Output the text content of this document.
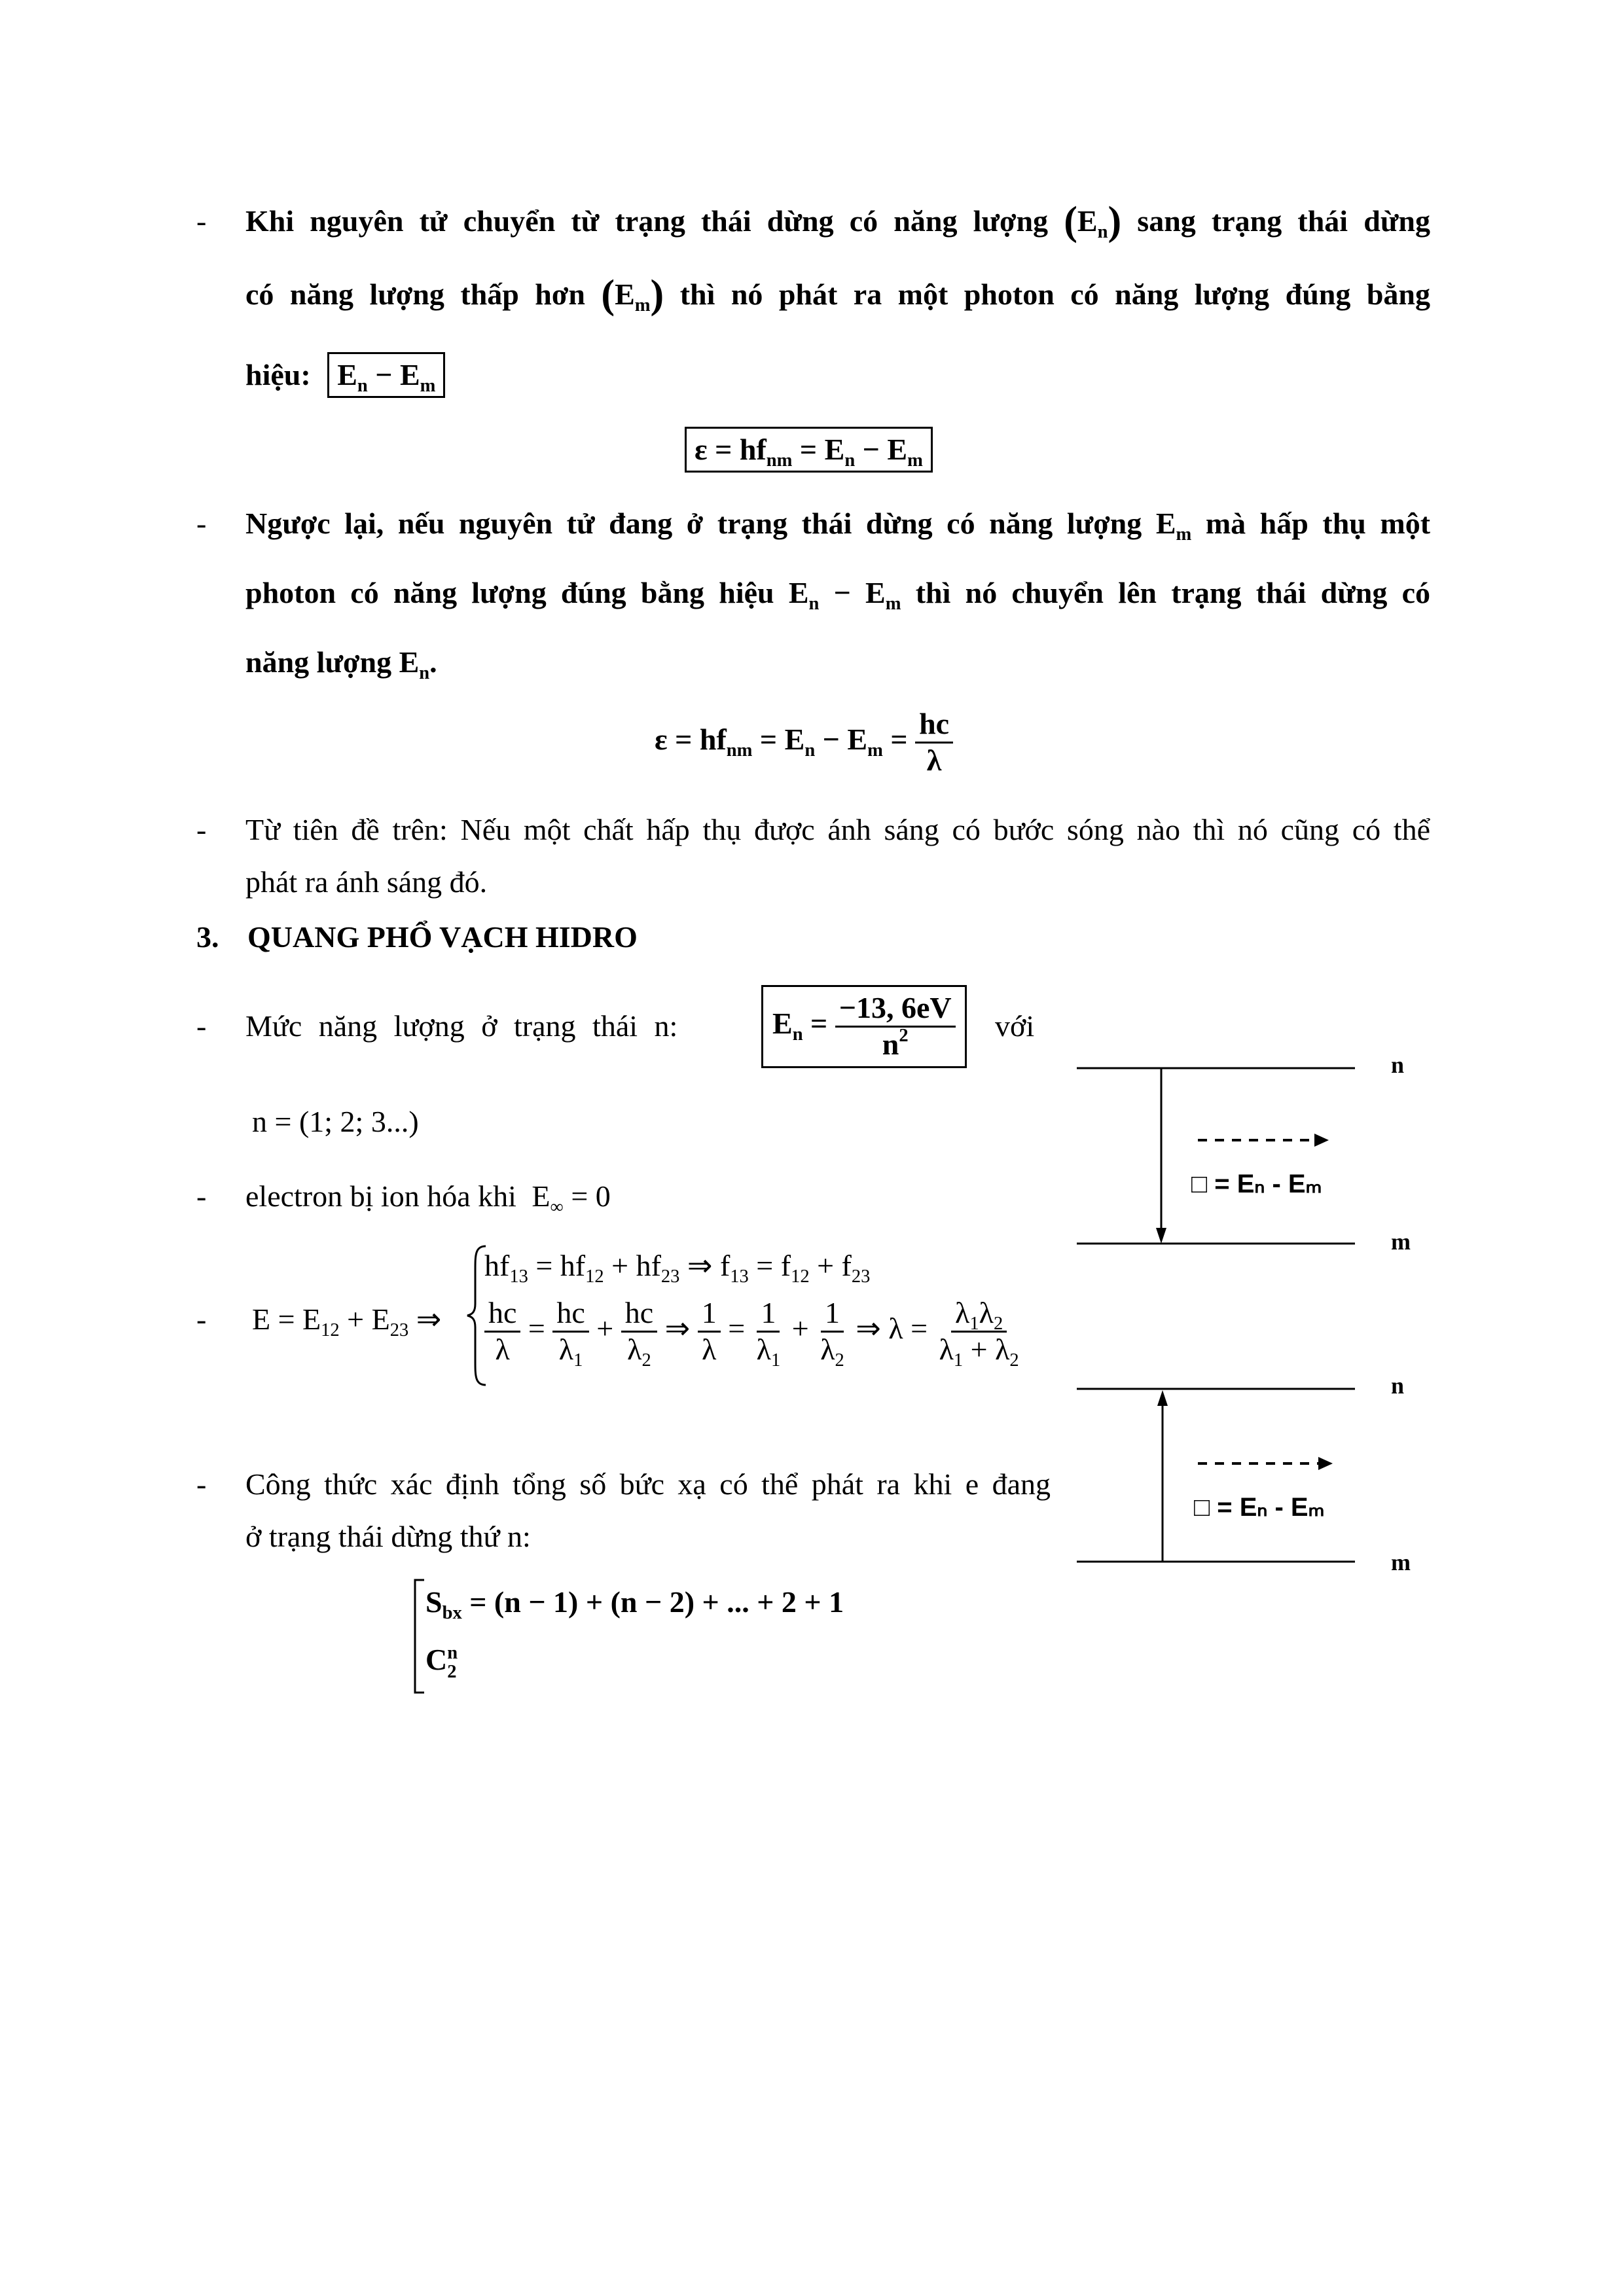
- Khi nguyên tử chuyển từ trạng thái dừng có năng lượng $(E_n)$ sang trạng thái dừng
có năng lượng thấp hơn $(E_m)$ thì nó phát ra một photon có năng lượng đúng bằng
hiệu: $E_n - E_m$
$\varepsilon = hf_{nm} = E_n - E_m$
- Ngược lại, nếu nguyên tử đang ở trạng thái dừng có năng lượng $E_m$ mà hấp thụ một
photon có năng lượng đúng bằng hiệu $E_n - E_m$ thì nó chuyển lên trạng thái dừng có
năng lượng $E_n$.
$\varepsilon = hf_{nm} = E_n - E_m = \frac{hc}{\lambda}$
- Từ tiên đề trên: Nếu một chất hấp thụ được ánh sáng có bước sóng nào thì nó cũng có thể
phát ra ánh sáng đó.
3. QUANG PHỔ VẠCH HIDRO
- Mức năng lượng ở trạng thái n:	$E_n = \frac{-13, 6eV}{n^2}$ với
n = (1; 2; 3...)
- electron bị ion hóa khi $E_\infty = 0$
- $E = E_{12} + E_{23}$ ⇒
$hf_{13} = hf_{12} + hf_{23}$ ⇒ $f_{13} = f_{12} + f_{23}$
$\frac{hc}{\lambda} = \frac{hc}{\lambda_1} + \frac{hc}{\lambda_2}$ ⇒ $\frac{1}{\lambda} = \frac{1}{\lambda_1} + \frac{1}{\lambda_2}$ ⇒ $\lambda = \frac{\lambda_1\lambda_2}{\lambda_1 + \lambda_2}$
- Công thức xác định tổng số bức xạ có thể phát ra khi e đang
ở trạng thái dừng thứ n:
$S_{bx} = (n - 1) + (n - 2)$ + ... + 2 + 1
C n
2
n
m
□ = Eₙ - Eₘ
n
m
□ = Eₙ - Eₘ
